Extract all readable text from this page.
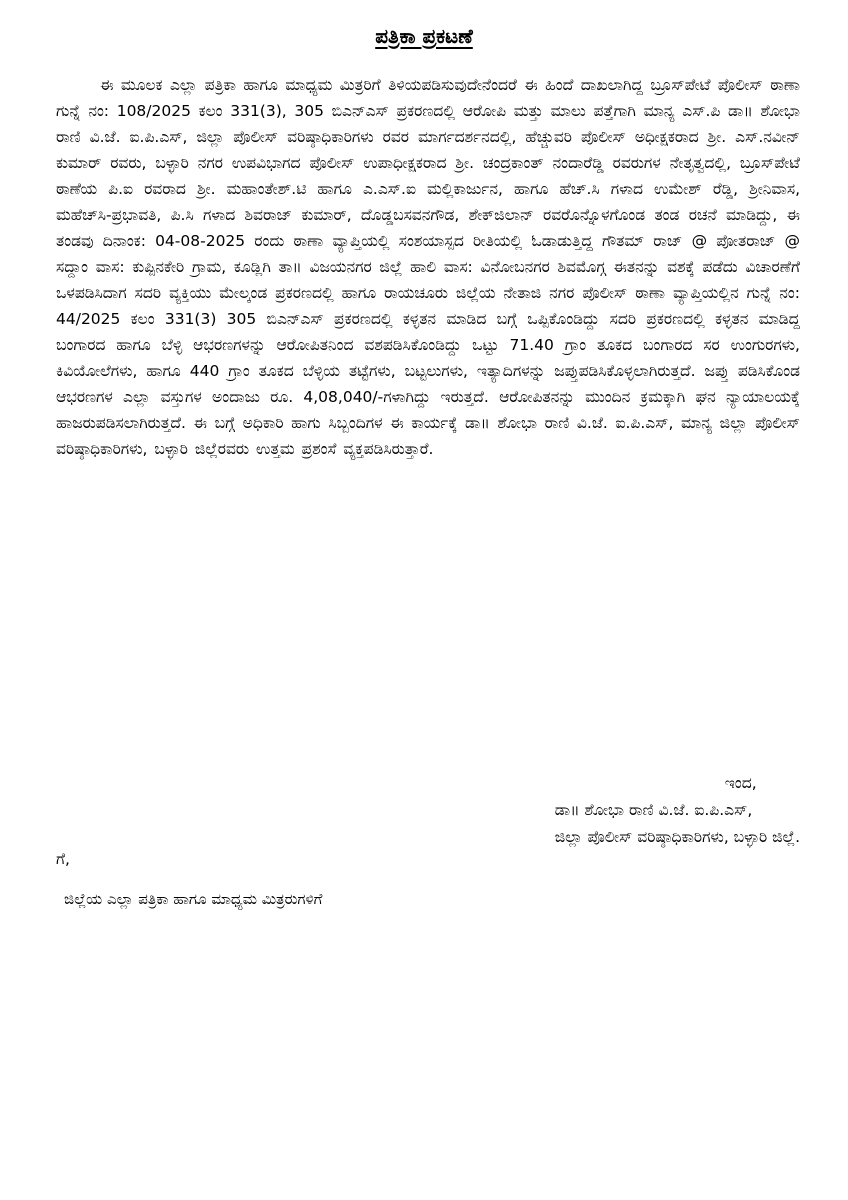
ಪತ್ರಿಕಾ ಪ್ರಕಟಣೆ

ಈ ಮೂಲಕ ಎಲ್ಲಾ ಪತ್ರಿಕಾ ಹಾಗೂ ಮಾಧ್ಯಮ ಮಿತ್ರರಿಗೆ ತಿಳಿಯಪಡಿಸುವುದೇನೆಂದರೆ ಈ ಹಿಂದೆ ದಾಖಲಾಗಿದ್ದ ಬ್ರೂಸ್‌ಪೇಟೆ ಪೊಲೀಸ್ ಠಾಣಾ ಗುನ್ನೆ ನಂ: 108/2025 ಕಲಂ 331(3), 305 ಬಿಎನ್‌ಎಸ್ ಪ್ರಕರಣದಲ್ಲಿ ಆರೋಪಿ ಮತ್ತು ಮಾಲು ಪತ್ತೆಗಾಗಿ ಮಾನ್ಯ ಎಸ್.ಪಿ ಡಾ॥ ಶೋಭಾ ರಾಣಿ ವಿ.ಜೆ. ಐ.ಪಿ.ಎಸ್, ಜಿಲ್ಲಾ ಪೊಲೀಸ್ ವರಿಷ್ಠಾಧಿಕಾರಿಗಳು ರವರ ಮಾರ್ಗದರ್ಶನದಲ್ಲಿ, ಹೆಚ್ಚುವರಿ ಪೊಲೀಸ್ ಅಧೀಕ್ಷಕರಾದ ಶ್ರೀ. ಎಸ್.ನವೀನ್ ಕುಮಾರ್ ರವರು, ಬಳ್ಳಾರಿ ನಗರ ಉಪವಿಭಾಗದ ಪೊಲೀಸ್ ಉಪಾಧೀಕ್ಷಕರಾದ ಶ್ರೀ. ಚಂದ್ರಕಾಂತ್ ನಂದಾರೆಡ್ಡಿ ರವರುಗಳ ನೇತೃತ್ವದಲ್ಲಿ, ಬ್ರೂಸ್‌ಪೇಟೆ ಠಾಣೆಯ ಪಿ.ಐ ರವರಾದ ಶ್ರೀ. ಮಹಾಂತೇಶ್.ಟಿ ಹಾಗೂ ಎ.ಎಸ್.ಐ ಮಲ್ಲಿಕಾರ್ಜುನ, ಹಾಗೂ ಹೆಚ್.ಸಿ ಗಳಾದ ಉಮೇಶ್ ರೆಡ್ಡಿ, ಶ್ರೀನಿವಾಸ, ಮಹೆಚ್‌ಸಿ-ಪ್ರಭಾವತಿ, ಪಿ.ಸಿ ಗಳಾದ ಶಿವರಾಜ್ ಕುಮಾರ್, ದೊಡ್ಡಬಸವನಗೌಡ, ಶೇಕ್‌ಜಿಲಾನ್ ರವರೊನ್ನೊಳಗೊಂಡ ತಂಡ ರಚನೆ ಮಾಡಿದ್ದು, ಈ ತಂಡವು ದಿನಾಂಕ: 04-08-2025 ರಂದು ಠಾಣಾ ವ್ಯಾಪ್ತಿಯಲ್ಲಿ ಸಂಶಯಾಸ್ಪದ ರೀತಿಯಲ್ಲಿ ಓಡಾಡುತ್ತಿದ್ದ ಗೌತಮ್ ರಾಜ್ @ ಪೋತರಾಜ್ @ ಸದ್ದಾಂ ವಾಸ: ಕುಪ್ಪಿನಕೇರಿ ಗ್ರಾಮ, ಕೂಡ್ಲಿಗಿ ತಾ॥ ವಿಜಯನಗರ ಜಿಲ್ಲೆ ಹಾಲಿ ವಾಸ: ವಿನೋಬನಗರ ಶಿವಮೊಗ್ಗ ಈತನನ್ನು ವಶಕ್ಕೆ ಪಡೆದು ವಿಚಾರಣೆಗೆ ಒಳಪಡಿಸಿದಾಗ ಸದರಿ ವ್ಯಕ್ತಿಯು ಮೇಲ್ಕಂಡ ಪ್ರಕರಣದಲ್ಲಿ ಹಾಗೂ ರಾಯಚೂರು ಜಿಲ್ಲೆಯ ನೇತಾಜಿ ನಗರ ಪೊಲೀಸ್ ಠಾಣಾ ವ್ಯಾಪ್ತಿಯಲ್ಲಿನ ಗುನ್ನೆ ನಂ: 44/2025 ಕಲಂ 331(3) 305 ಬಿಎನ್‌ಎಸ್ ಪ್ರಕರಣದಲ್ಲಿ ಕಳ್ಳತನ ಮಾಡಿದ ಬಗ್ಗೆ ಒಪ್ಪಿಕೊಂಡಿದ್ದು ಸದರಿ ಪ್ರಕರಣದಲ್ಲಿ ಕಳ್ಳತನ ಮಾಡಿದ್ದ ಬಂಗಾರದ ಹಾಗೂ ಬೆಳ್ಳಿ ಆಭರಣಗಳನ್ನು ಆರೋಪಿತನಿಂದ ವಶಪಡಿಸಿಕೊಂಡಿದ್ದು ಒಟ್ಟು 71.40 ಗ್ರಾಂ ತೂಕದ ಬಂಗಾರದ ಸರ ಉಂಗುರಗಳು, ಕಿವಿಯೋಲೆಗಳು, ಹಾಗೂ 440 ಗ್ರಾಂ ತೂಕದ ಬೆಳ್ಳಿಯ ತಟ್ಟೆಗಳು, ಬಟ್ಟಲುಗಳು, ಇತ್ಯಾದಿಗಳನ್ನು ಜಪ್ತುಪಡಿಸಿಕೊಳ್ಳಲಾಗಿರುತ್ತದೆ. ಜಪ್ತು ಪಡಿಸಿಕೊಂಡ ಆಭರಣಗಳ ಎಲ್ಲಾ ವಸ್ತುಗಳ ಅಂದಾಜು ರೂ. 4,08,040/-ಗಳಾಗಿದ್ದು ಇರುತ್ತದೆ. ಆರೋಪಿತನನ್ನು ಮುಂದಿನ ಕ್ರಮಕ್ಕಾಗಿ ಘನ ನ್ಯಾಯಾಲಯಕ್ಕೆ ಹಾಜರುಪಡಿಸಲಾಗಿರುತ್ತದೆ. ಈ ಬಗ್ಗೆ ಅಧಿಕಾರಿ ಹಾಗು ಸಿಬ್ಬಂದಿಗಳ ಈ ಕಾರ್ಯಕ್ಕೆ ಡಾ॥ ಶೋಭಾ ರಾಣಿ ವಿ.ಜೆ. ಐ.ಪಿ.ಎಸ್, ಮಾನ್ಯ ಜಿಲ್ಲಾ ಪೊಲೀಸ್ ವರಿಷ್ಠಾಧಿಕಾರಿಗಳು, ಬಳ್ಳಾರಿ ಜಿಲ್ಲೆರವರು ಉತ್ತಮ ಪ್ರಶಂಸೆ ವ್ಯಕ್ತಪಡಿಸಿರುತ್ತಾರೆ.

ಇಂದ,
ಡಾ॥ ಶೋಭಾ ರಾಣಿ ವಿ.ಜೆ. ಐ.ಪಿ.ಎಸ್,
ಜಿಲ್ಲಾ ಪೊಲೀಸ್ ವರಿಷ್ಠಾಧಿಕಾರಿಗಳು, ಬಳ್ಳಾರಿ ಜಿಲ್ಲೆ.
ಗೆ,
ಜಿಲ್ಲೆಯ ಎಲ್ಲಾ ಪತ್ರಿಕಾ ಹಾಗೂ ಮಾಧ್ಯಮ ಮಿತ್ರರುಗಳಿಗೆ
